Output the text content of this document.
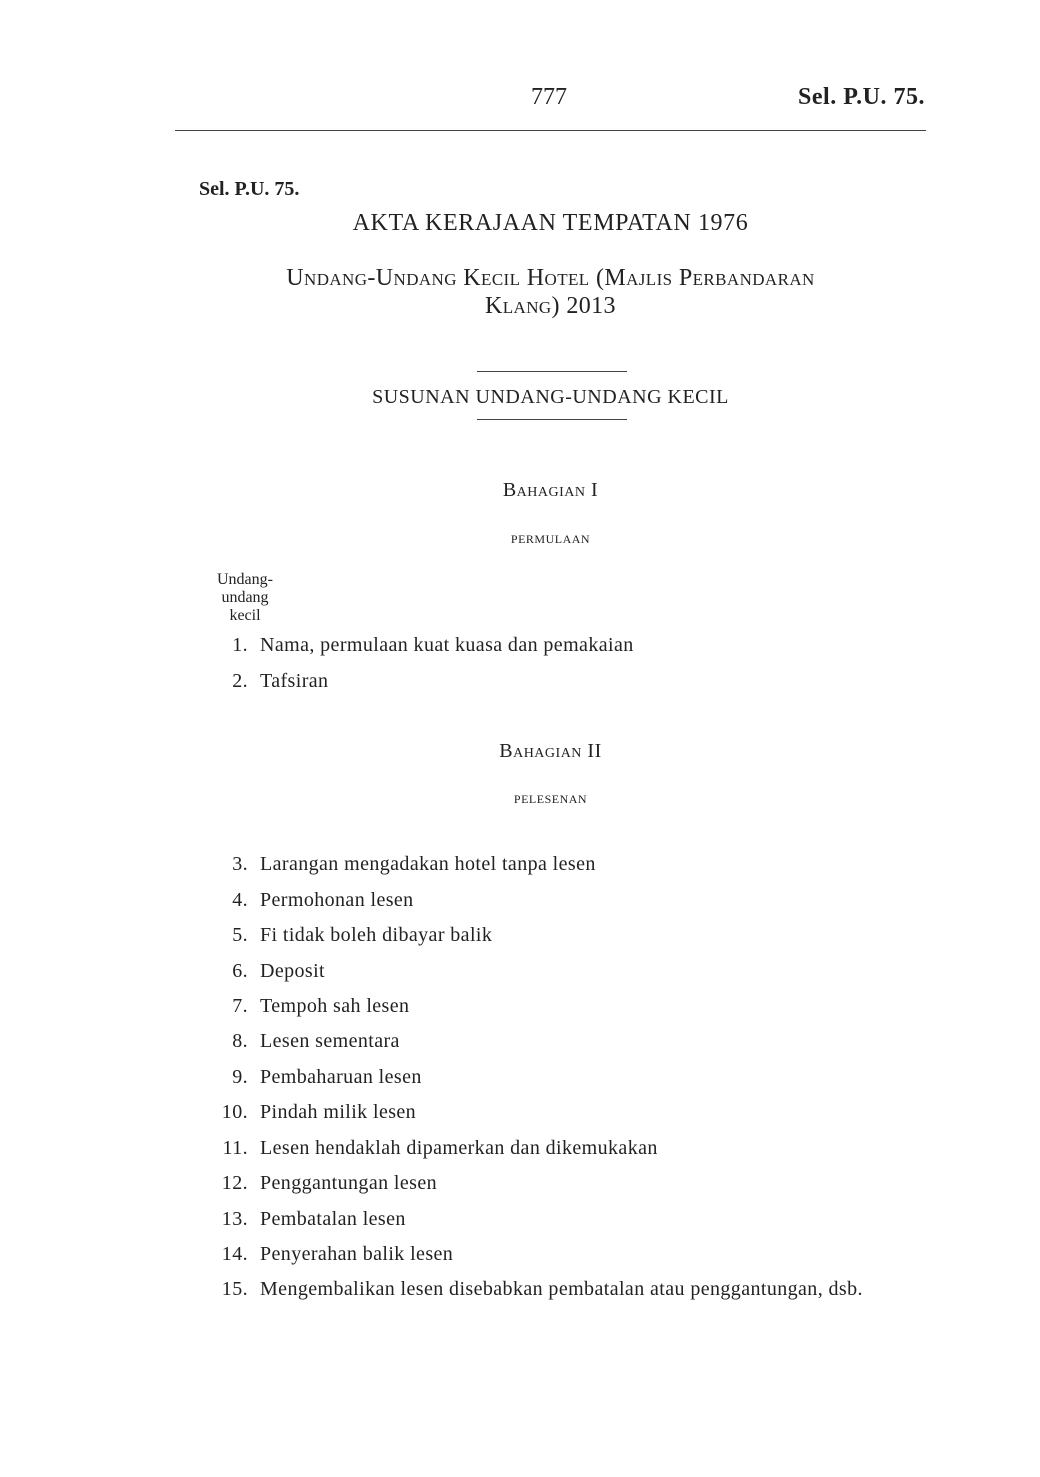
777	Sel. P.U. 75.
Sel. P.U. 75.
AKTA KERAJAAN TEMPATAN 1976
Undang-Undang Kecil Hotel (Majlis Perbandaran
Klang) 2013
SUSUNAN UNDANG-UNDANG KECIL
Bahagian I
permulaan
Undang-
undang
kecil
1. Nama, permulaan kuat kuasa dan pemakaian
2. Tafsiran
Bahagian II
pelesenan
3. Larangan mengadakan hotel tanpa lesen
4. Permohonan lesen
5. Fi tidak boleh dibayar balik
6. Deposit
7. Tempoh sah lesen
8. Lesen sementara
9. Pembaharuan lesen
10. Pindah milik lesen
11. Lesen hendaklah dipamerkan dan dikemukakan
12. Penggantungan lesen
13. Pembatalan lesen
14. Penyerahan balik lesen
15. Mengembalikan lesen disebabkan pembatalan atau penggantungan, dsb.
